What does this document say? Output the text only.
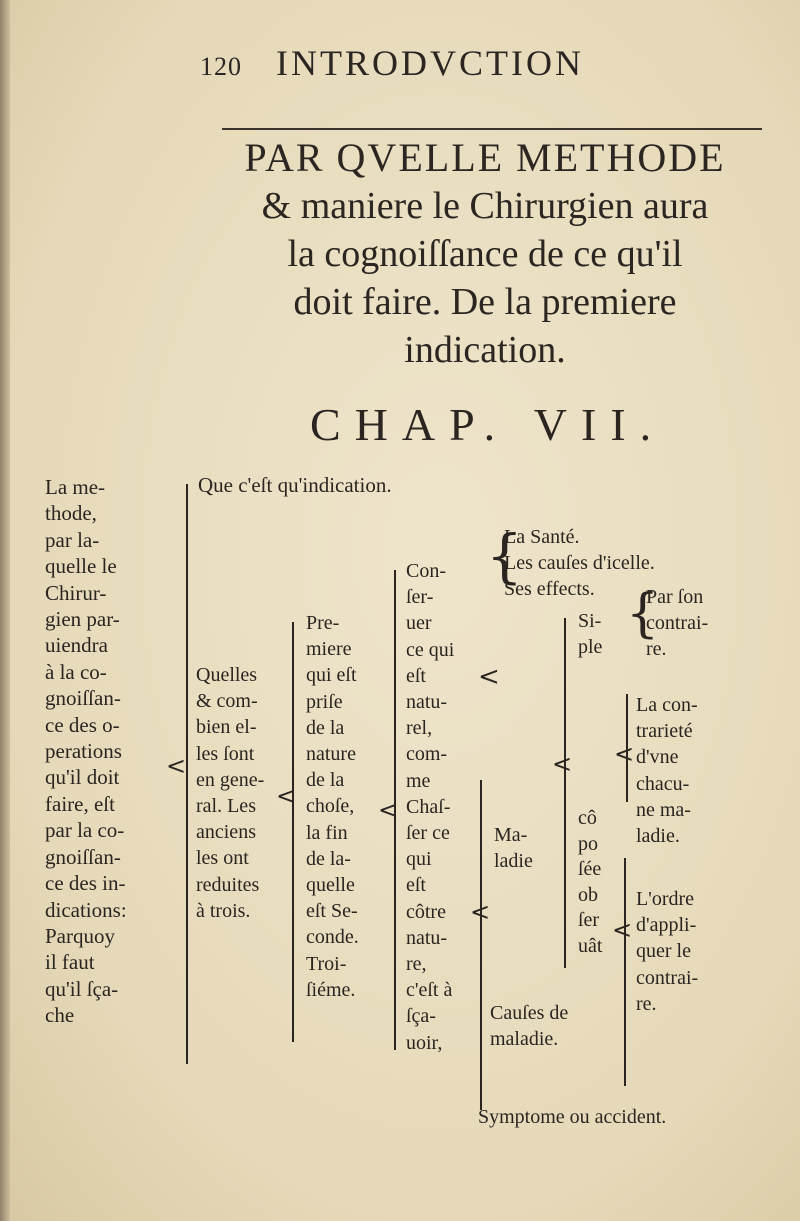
120 INTRODVCTION
PAR QVELLE METHODE
& maniere le Chirurgien aura
la cognoiſſance de ce qu'il
doit faire. De la premiere
indication.
CHAP. VII.
La me-
thode,
par la-
quelle le
Chirur-
gien par-
uiendra
à la co-
gnoiſſan-
ce des o-
perations
qu'il doit
faire, eſt
par la co-
gnoiſſan-
ce des in-
dications:
Parquoy
il faut
qu'il ſça-
che
<
Que c'eſt qu'indication.
Quelles
& com-
bien el-
les ſont
en gene-
ral. Les
anciens
les ont
reduites
à trois.
<
Pre-
miere
qui eſt
priſe
de la
nature
de la
choſe,
la fin
de la-
quelle
eſt Se-
conde.
Troi-
ſiéme.
<
Con-
ſer-
uer
ce qui
eſt
natu-
rel,
com-
me
Chaſ-
ſer ce
qui
eſt
côtre
natu-
re,
c'eſt à
ſça-
uoir,
{
La Santé.
Les cauſes d'icelle.
Ses effects.
<
<
Ma-
ladie
<
Si-
ple
cô
po
ſée
ob
ſer
uât
{
Par ſon
contrai-
re.
<
La con-
trarieté
d'vne
chacu-
ne ma-
ladie.
<
L'ordre
d'appli-
quer le
contrai-
re.
Cauſes de
maladie.
Symptome ou accident.
